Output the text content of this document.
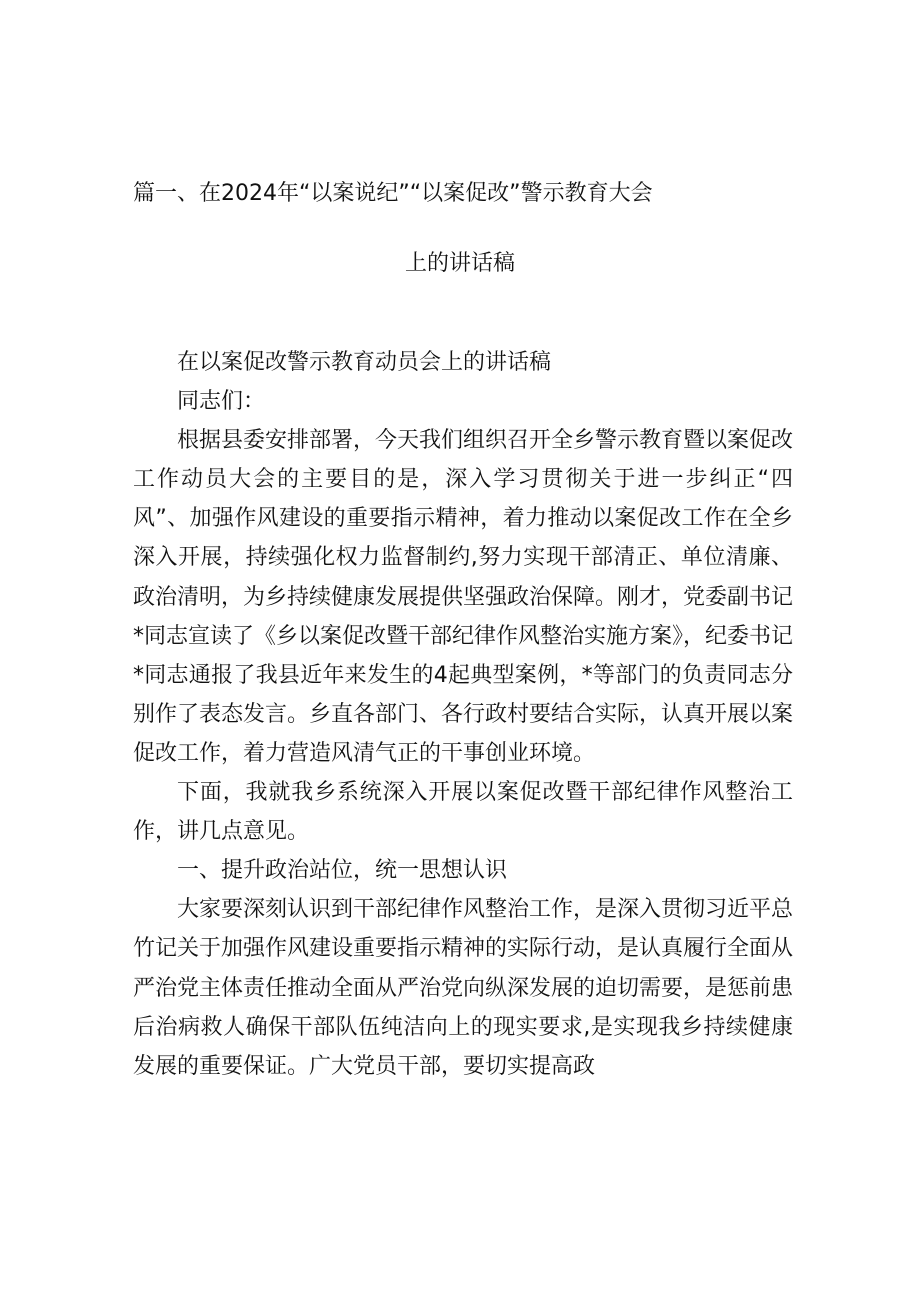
篇一、在2024年“以案说纪”“以案促改”警示教育大会
上的讲话稿

在以案促改警示教育动员会上的讲话稿

同志们：

根据县委安排部署，今天我们组织召开全乡警示教育暨以案促改工作动员大会的主要目的是，深入学习贯彻关于进一步纠正“四风”、加强作风建设的重要指示精神，着力推动以案促改工作在全乡深入开展，持续强化权力监督制约,努力实现干部清正、单位清廉、政治清明，为乡持续健康发展提供坚强政治保障。刚才，党委副书记*同志宣读了《乡以案促改暨干部纪律作风整治实施方案》，纪委书记*同志通报了我县近年来发生的4起典型案例，*等部门的负责同志分别作了表态发言。乡直各部门、各行政村要结合实际，认真开展以案促改工作，着力营造风清气正的干事创业环境。

下面，我就我乡系统深入开展以案促改暨干部纪律作风整治工作，讲几点意见。

一、提升政治站位，统一思想认识

大家要深刻认识到干部纪律作风整治工作，是深入贯彻习近平总竹记关于加强作风建设重要指示精神的实际行动，是认真履行全面从严治党主体责任推动全面从严治党向纵深发展的迫切需要，是惩前患后治病救人确保干部队伍纯洁向上的现实要求,是实现我乡持续健康发展的重要保证。广大党员干部，要切实提高政
